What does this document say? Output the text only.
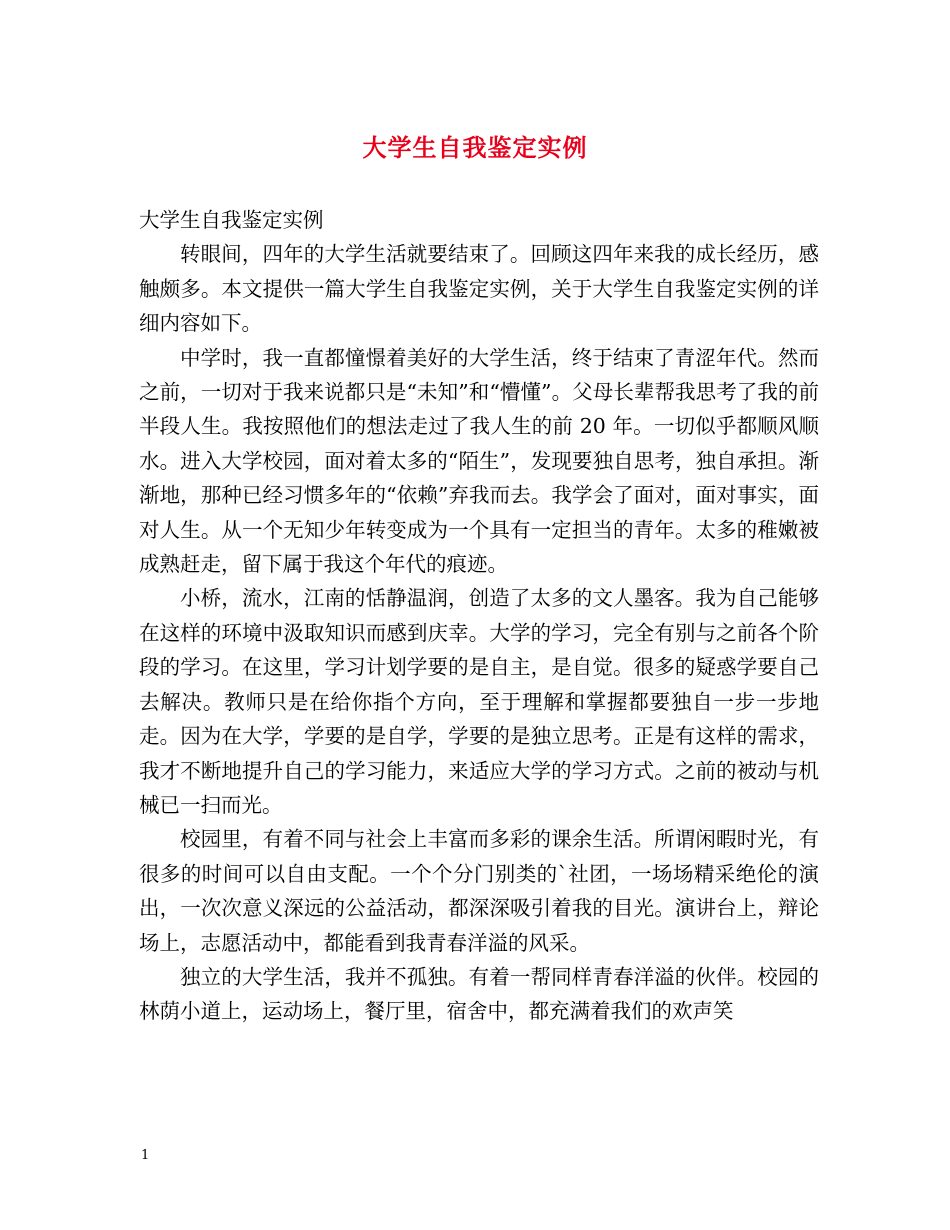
大学生自我鉴定实例

大学生自我鉴定实例

转眼间，四年的大学生活就要结束了。回顾这四年来我的成长经历，感触颇多。本文提供一篇大学生自我鉴定实例，关于大学生自我鉴定实例的详细内容如下。

中学时，我一直都憧憬着美好的大学生活，终于结束了青涩年代。然而之前，一切对于我来说都只是“未知”和“懵懂”。父母长辈帮我思考了我的前半段人生。我按照他们的想法走过了我人生的前 20 年。一切似乎都顺风顺水。进入大学校园，面对着太多的“陌生”，发现要独自思考，独自承担。渐渐地，那种已经习惯多年的“依赖”弃我而去。我学会了面对，面对事实，面对人生。从一个无知少年转变成为一个具有一定担当的青年。太多的稚嫩被成熟赶走，留下属于我这个年代的痕迹。

小桥，流水，江南的恬静温润，创造了太多的文人墨客。我为自己能够在这样的环境中汲取知识而感到庆幸。大学的学习，完全有别与之前各个阶段的学习。在这里，学习计划学要的是自主，是自觉。很多的疑惑学要自己去解决。教师只是在给你指个方向，至于理解和掌握都要独自一步一步地走。因为在大学，学要的是自学，学要的是独立思考。正是有这样的需求，我才不断地提升自己的学习能力，来适应大学的学习方式。之前的被动与机械已一扫而光。

校园里，有着不同与社会上丰富而多彩的课余生活。所谓闲暇时光，有很多的时间可以自由支配。一个个分门别类的`社团，一场场精采绝伦的演出，一次次意义深远的公益活动，都深深吸引着我的目光。演讲台上，辩论场上，志愿活动中，都能看到我青春洋溢的风采。

独立的大学生活，我并不孤独。有着一帮同样青春洋溢的伙伴。校园的林荫小道上，运动场上，餐厅里，宿舍中，都充满着我们的欢声笑

1
